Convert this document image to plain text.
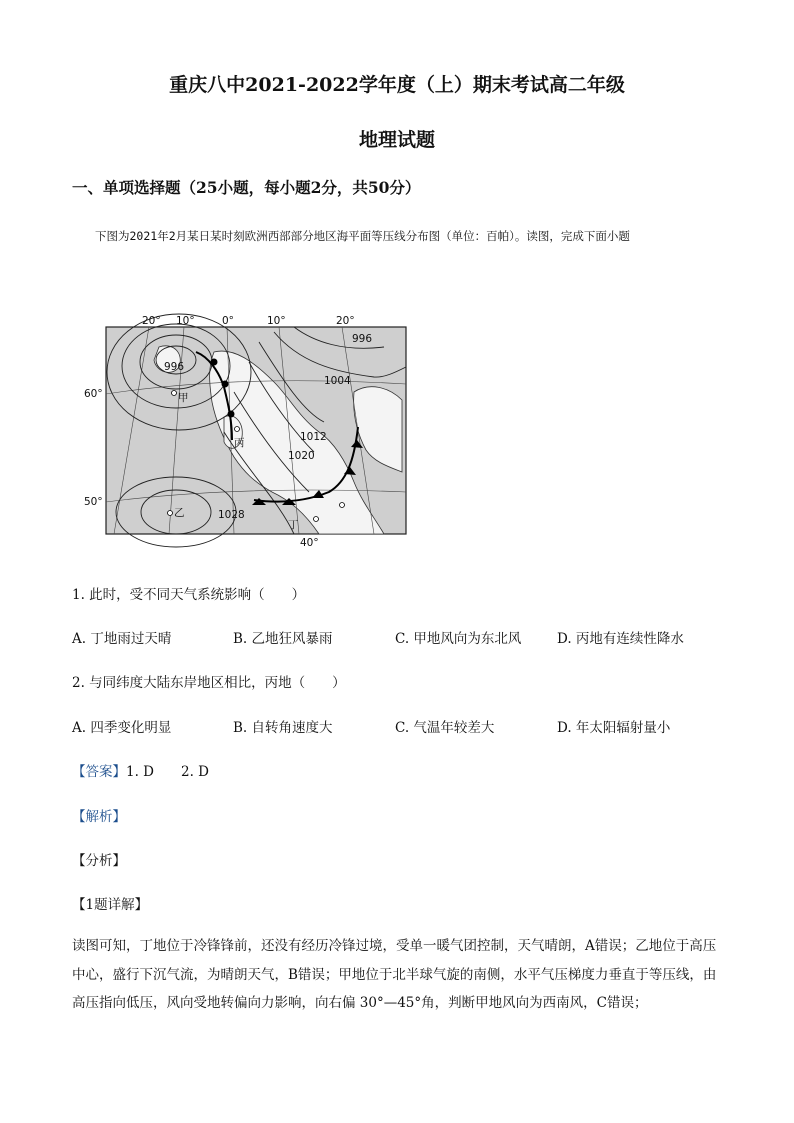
重庆八中2021-2022学年度（上）期末考试高二年级
地理试题
一、单项选择题（25小题，每小题2分，共50分）
下图为2021年2月某日某时刻欧洲西部部分地区海平面等压线分布图（单位：百帕）。读图，完成下面小题
20° 10°	0°	10°	20°
40°
60°
50°
996
996
1004
1012
1020
1028
甲
乙
丙
丁
1. 此时，受不同天气系统影响（　　）
A. 丁地雨过天晴	B. 乙地狂风暴雨	C. 甲地风向为东北风	D. 丙地有连续性降水
2. 与同纬度大陆东岸地区相比，丙地（　　）
A. 四季变化明显	B. 自转角速度大	C. 气温年较差大	D. 年太阳辐射量小
【答案】1. D　　2. D
【解析】
【分析】
【1题详解】
读图可知，丁地位于冷锋锋前，还没有经历冷锋过境，受单一暖气团控制，天气晴朗，A错误；乙地位于高压中心，盛行下沉气流，为晴朗天气，B错误；甲地位于北半球气旋的南侧，水平气压梯度力垂直于等压线，由高压指向低压，风向受地转偏向力影响，向右偏 30°—45°角，判断甲地风向为西南风，C错误；
